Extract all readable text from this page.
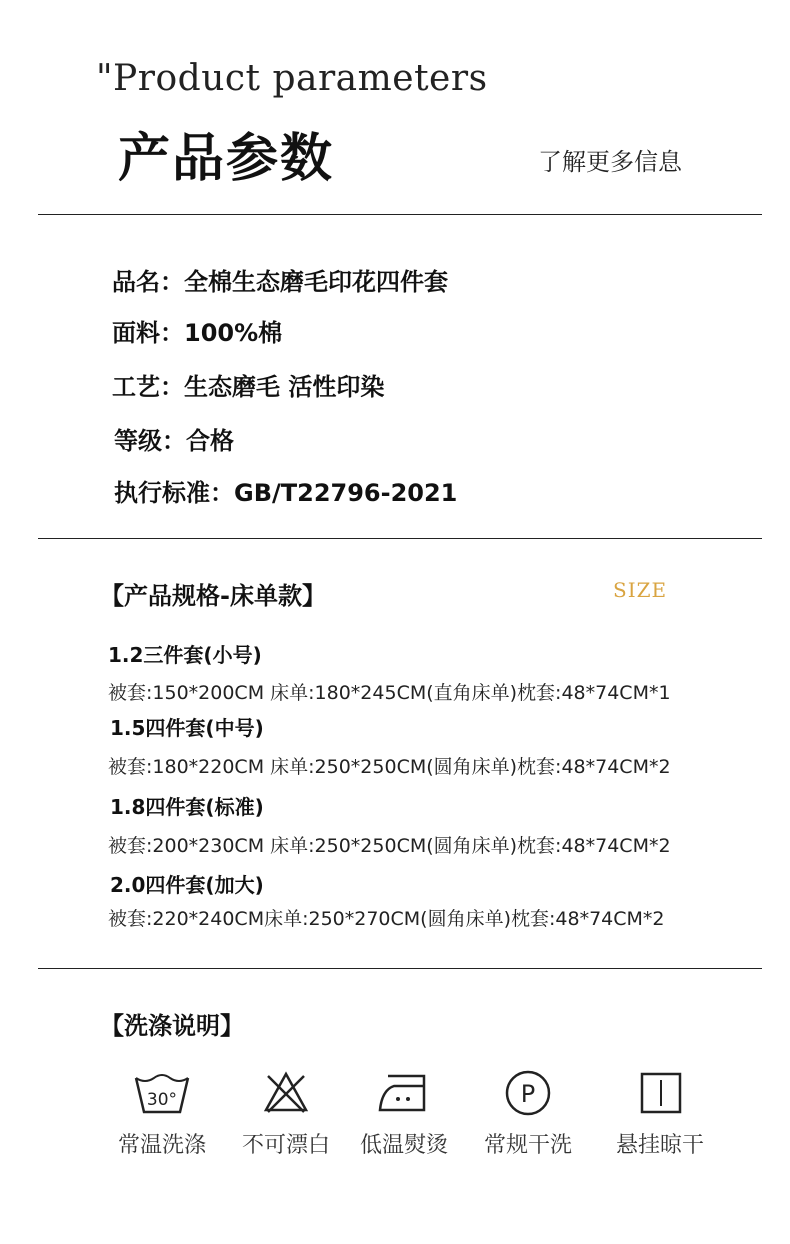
"Product parameters
产品参数	了解更多信息
品名：全棉生态磨毛印花四件套
面料：100%棉
工艺：生态磨毛 活性印染
等级：合格
执行标准：GB/T22796-2021
【产品规格-床单款】	SIZE
1.2三件套(小号)
被套:150*200CM 床单:180*245CM(直角床单)枕套:48*74CM*1
1.5四件套(中号)
被套:180*220CM 床单:250*250CM(圆角床单)枕套:48*74CM*2
1.8四件套(标准)
被套:200*230CM 床单:250*250CM(圆角床单)枕套:48*74CM*2
2.0四件套(加大)
被套:220*240CM床单:250*270CM(圆角床单)枕套:48*74CM*2
【洗涤说明】
30°
常温洗涤	不可漂白	低温熨烫
P
常规干洗	悬挂晾干
